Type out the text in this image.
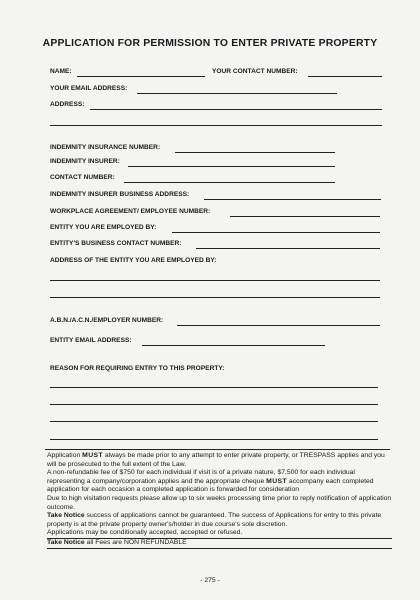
APPLICATION FOR PERMISSION TO ENTER PRIVATE PROPERTY
NAME:	YOUR CONTACT NUMBER:
YOUR EMAIL ADDRESS:
ADDRESS:
INDEMNITY INSURANCE NUMBER:
INDEMNITY INSURER:
CONTACT NUMBER:
INDEMNITY INSURER BUSINESS ADDRESS:
WORKPLACE AGREEMENT/ EMPLOYEE NUMBER:
ENTITY YOU ARE EMPLOYED BY:
ENTITY'S BUSINESS CONTACT NUMBER:
ADDRESS OF THE ENTITY YOU ARE EMPLOYED BY:
A.B.N./A.C.N./EMPLOYER NUMBER:
ENTITY EMAIL ADDRESS:
REASON FOR REQUIRING ENTRY TO THIS PROPERTY:

Application MUST always be made prior to any attempt to enter private property, or TRESPASS applies and you will be prosecuted to the full extent of the Law.

A non-refundable fee of $750 for each individual if visit is of a private nature, $7,500 for each individual representing a company/corporation applies and the appropriate cheque MUST accompany each completed application for each occasion a completed application is forwarded for consideration

Due to high visitation requests please allow up to six weeks processing time prior to reply notification of application outcome.

Take Notice success of applications cannot be guaranteed. The success of Applications for entry to this private property is at the private property owner's/holder in due course's sole discretion.

Applications may be conditionally accepted, accepted or refused.

Take Notice all Fees are NON REFUNDABLE

- 275 -
